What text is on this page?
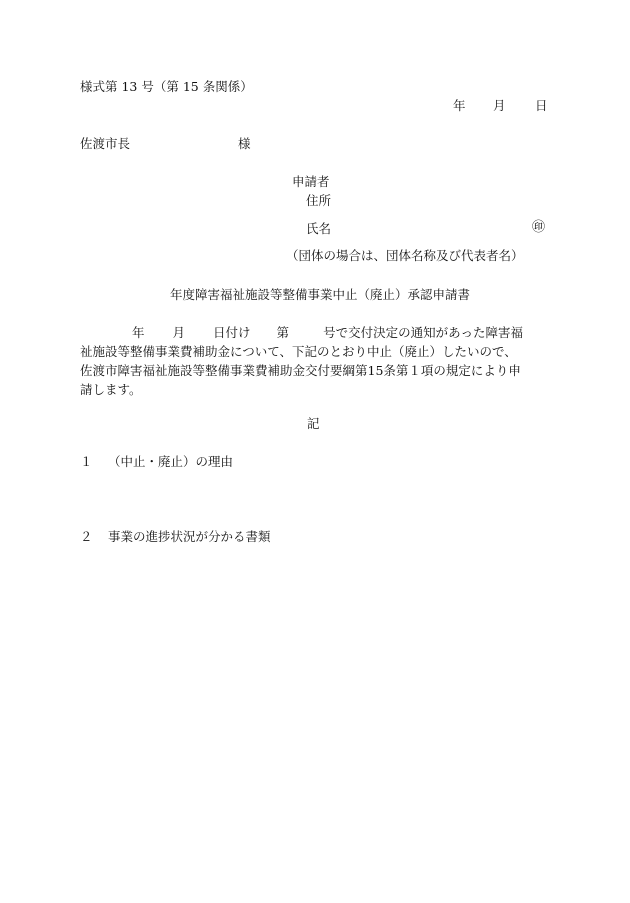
様式第 13 号（第 15 条関係）
年 月 日
佐渡市長	様
申請者
住所
氏名	㊞
（団体の場合は、団体名称及び代表者名）
年度障害福祉施設等整備事業中止（廃止）承認申請書
年 月 日付け 第	号で交付決定の通知があった障害福
祉施設等整備事業費補助金について、下記のとおり中止（廃止）したいので、
佐渡市障害福祉施設等整備事業費補助金交付要綱第15条第１項の規定により申
請します。
記
１ （中止・廃止）の理由
２ 事業の進捗状況が分かる書類
